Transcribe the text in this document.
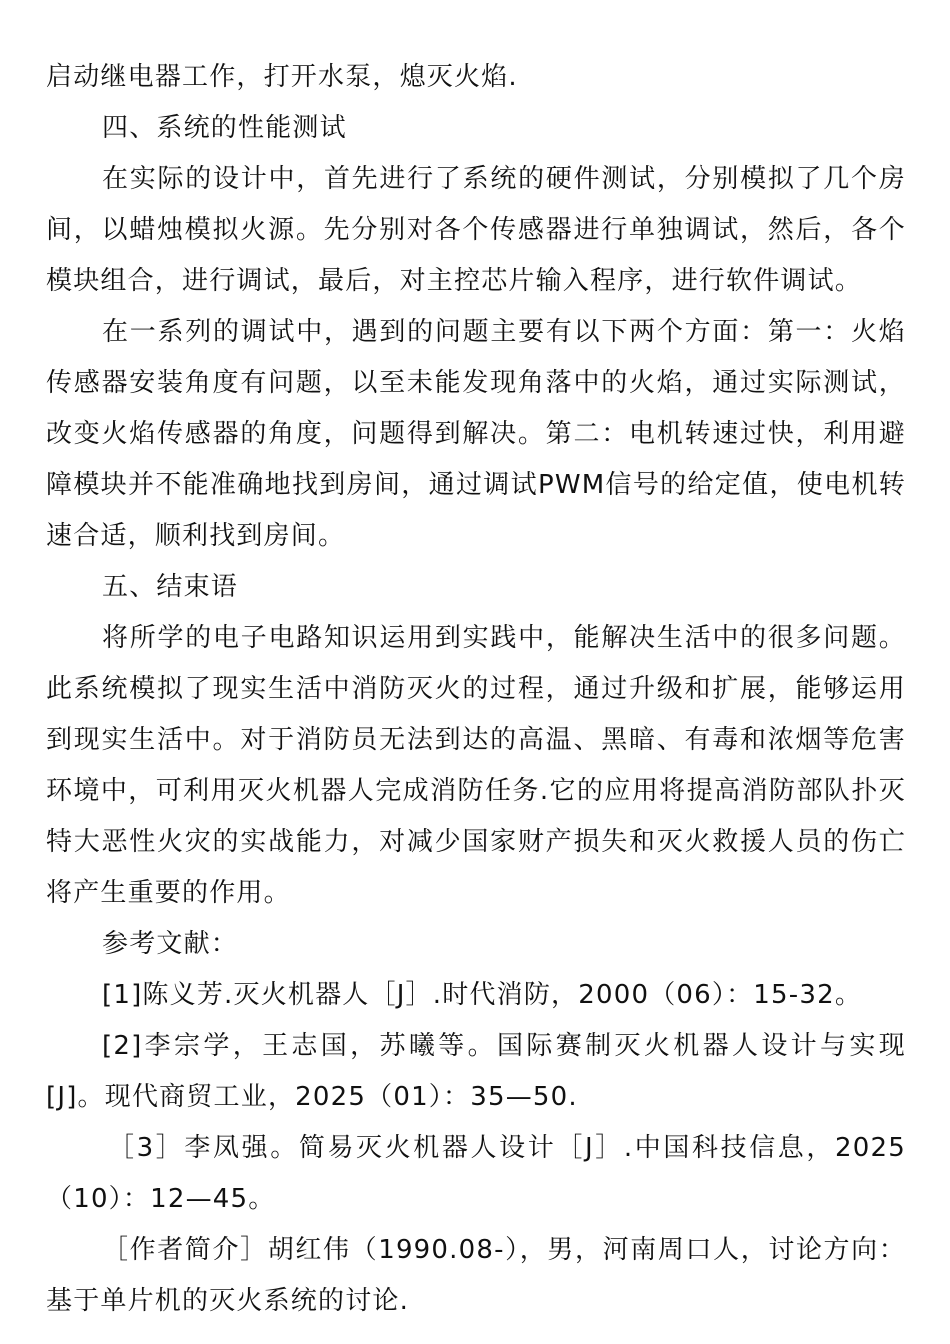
启动继电器工作，打开水泵，熄灭火焰.

四、系统的性能测试

在实际的设计中，首先进行了系统的硬件测试，分别模拟了几个房间，以蜡烛模拟火源。先分别对各个传感器进行单独调试，然后，各个模块组合，进行调试，最后，对主控芯片输入程序，进行软件调试。

在一系列的调试中，遇到的问题主要有以下两个方面：第一：火焰传感器安装角度有问题，以至未能发现角落中的火焰，通过实际测试，改变火焰传感器的角度，问题得到解决。第二：电机转速过快，利用避障模块并不能准确地找到房间，通过调试PWM信号的给定值，使电机转速合适，顺利找到房间。

五、结束语

将所学的电子电路知识运用到实践中，能解决生活中的很多问题。此系统模拟了现实生活中消防灭火的过程，通过升级和扩展，能够运用到现实生活中。对于消防员无法到达的高温、黑暗、有毒和浓烟等危害环境中，可利用灭火机器人完成消防任务.它的应用将提高消防部队扑灭特大恶性火灾的实战能力，对减少国家财产损失和灭火救援人员的伤亡将产生重要的作用。

参考文献：

[1]陈义芳.灭火机器人［J］.时代消防，2000（06）：15-32。

[2]李宗学，王志国，苏曦等。国际赛制灭火机器人设计与实现[J]。现代商贸工业，2025（01）：35—50.

［3］李凤强。简易灭火机器人设计［J］.中国科技信息，2025（10）：12—45。

［作者简介］胡红伟（1990.08-），男，河南周口人，讨论方向：基于单片机的灭火系统的讨论.
